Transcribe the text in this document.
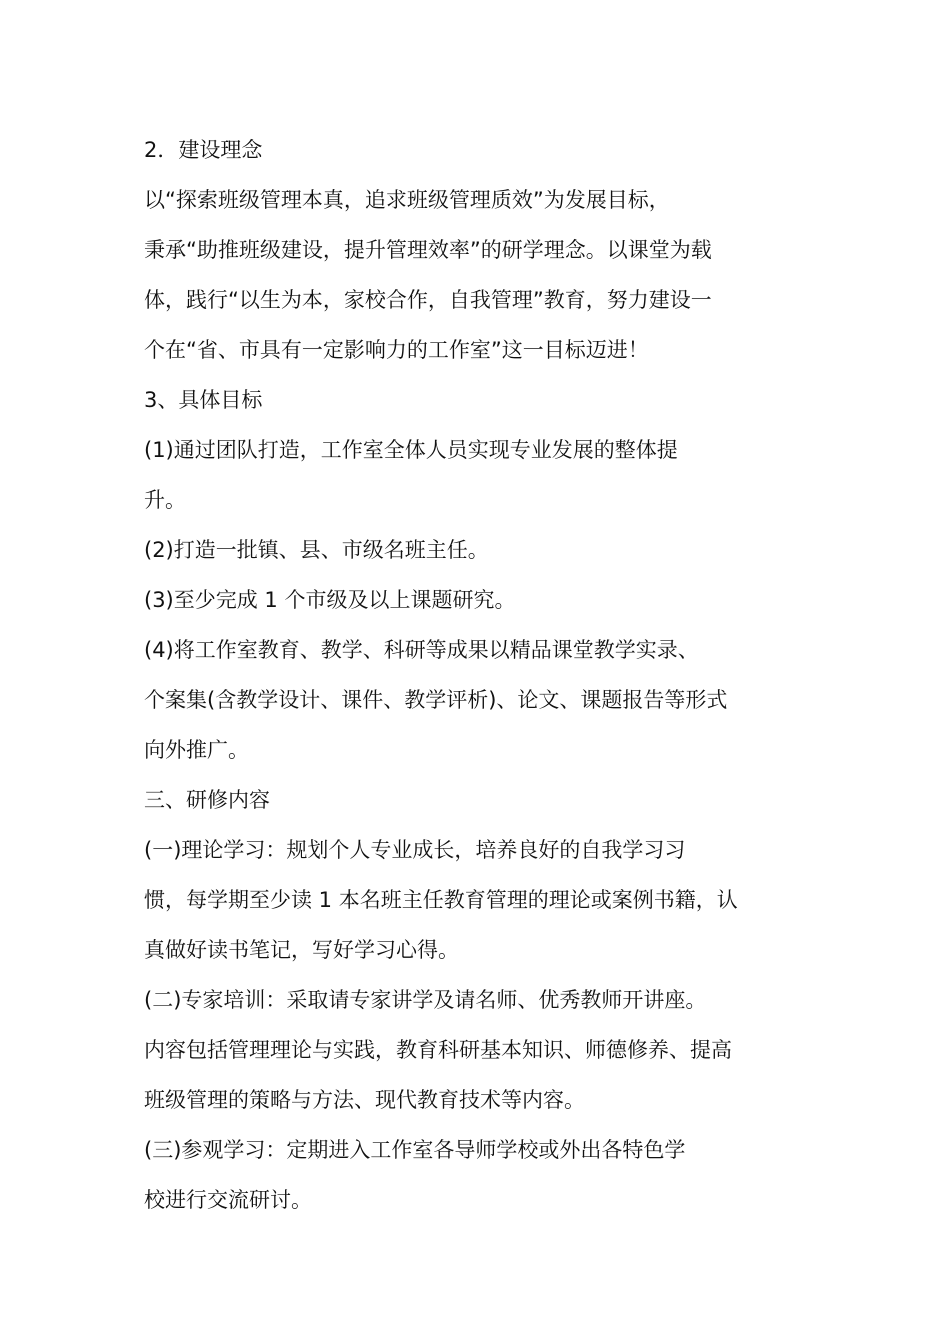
2．建设理念
以“探索班级管理本真，追求班级管理质效”为发展目标，
秉承“助推班级建设，提升管理效率”的研学理念。以课堂为载
体，践行“以生为本，家校合作，自我管理”教育，努力建设一
个在“省、市具有一定影响力的工作室”这一目标迈进！
3、具体目标
(1)通过团队打造，工作室全体人员实现专业发展的整体提
升。
(2)打造一批镇、县、市级名班主任。
(3)至少完成 1 个市级及以上课题研究。
(4)将工作室教育、教学、科研等成果以精品课堂教学实录、
个案集(含教学设计、课件、教学评析)、论文、课题报告等形式
向外推广。
三、研修内容
(一)理论学习：规划个人专业成长，培养良好的自我学习习
惯，每学期至少读 1 本名班主任教育管理的理论或案例书籍，认
真做好读书笔记，写好学习心得。
(二)专家培训：采取请专家讲学及请名师、优秀教师开讲座。
内容包括管理理论与实践，教育科研基本知识、师德修养、提高
班级管理的策略与方法、现代教育技术等内容。
(三)参观学习：定期进入工作室各导师学校或外出各特色学
校进行交流研讨。
